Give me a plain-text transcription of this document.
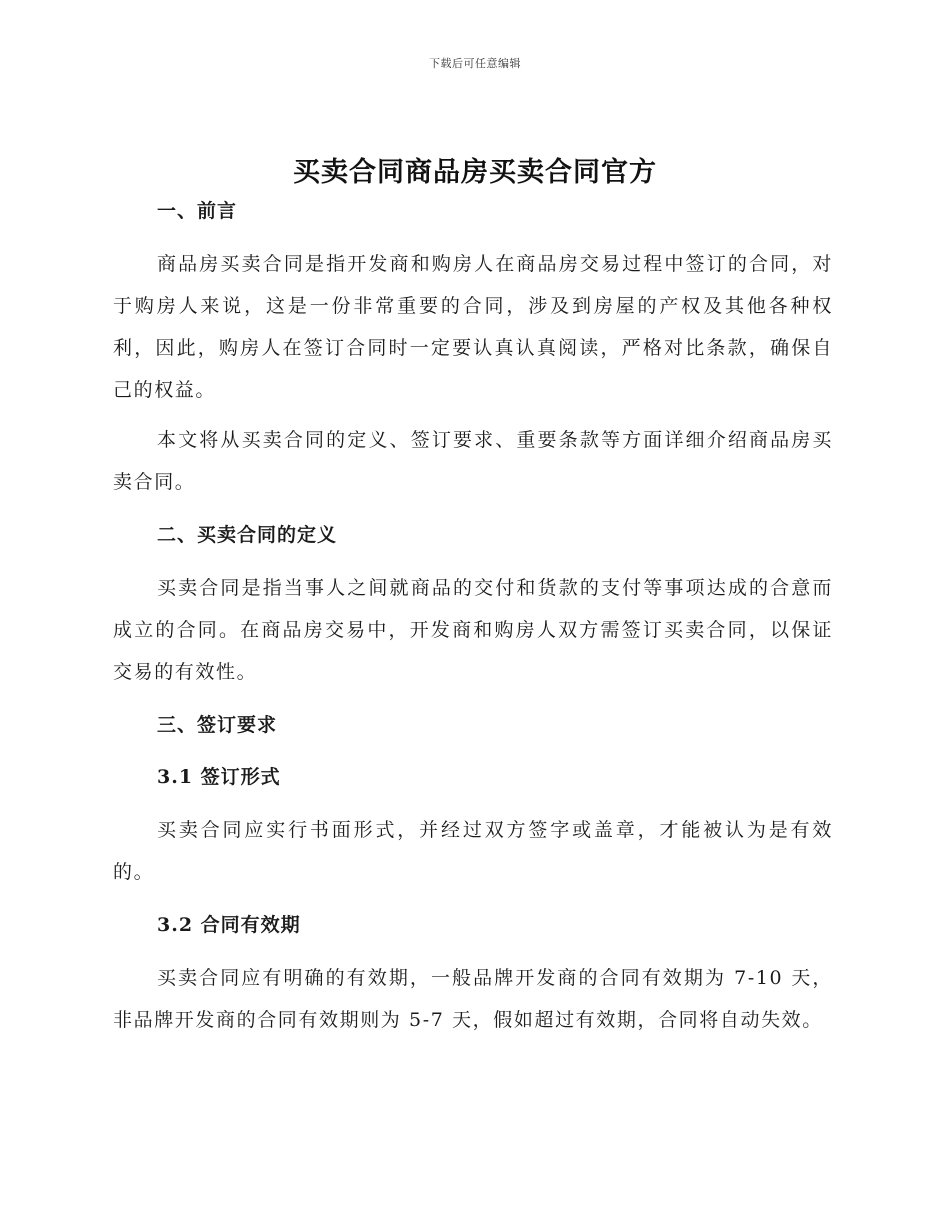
下载后可任意编辑
买卖合同商品房买卖合同官方
一、前言

商品房买卖合同是指开发商和购房人在商品房交易过程中签订的合同，对于购房人来说，这是一份非常重要的合同，涉及到房屋的产权及其他各种权利，因此，购房人在签订合同时一定要认真认真阅读，严格对比条款，确保自己的权益。

本文将从买卖合同的定义、签订要求、重要条款等方面详细介绍商品房买卖合同。

二、买卖合同的定义

买卖合同是指当事人之间就商品的交付和货款的支付等事项达成的合意而成立的合同。在商品房交易中，开发商和购房人双方需签订买卖合同，以保证交易的有效性。

三、签订要求
3.1 签订形式

买卖合同应实行书面形式，并经过双方签字或盖章，才能被认为是有效的。

3.2 合同有效期

买卖合同应有明确的有效期，一般品牌开发商的合同有效期为 7-10 天，非品牌开发商的合同有效期则为 5-7 天，假如超过有效期，合同将自动失效。
